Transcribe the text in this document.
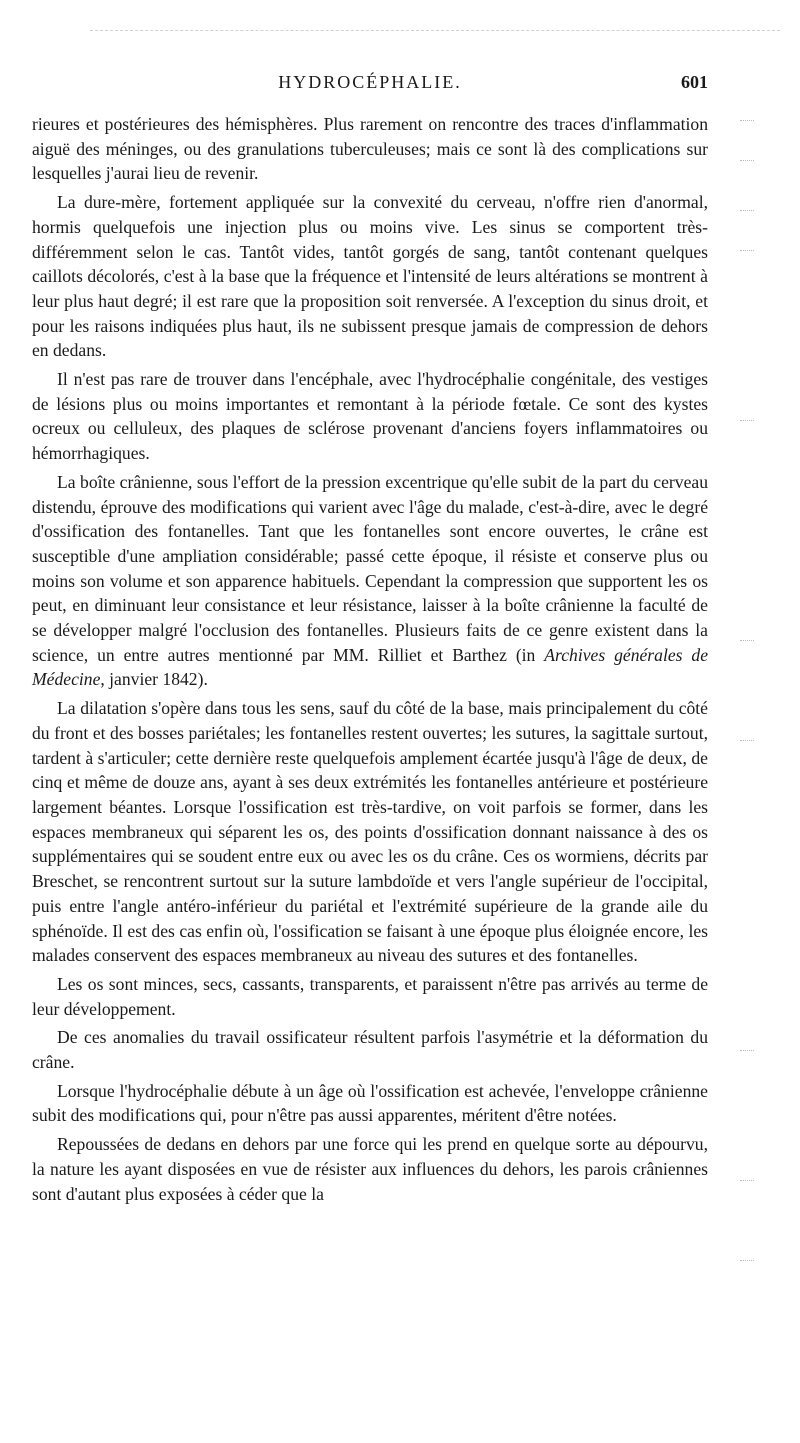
HYDROCÉPHALIE.	601

rieures et postérieures des hémisphères. Plus rarement on rencontre des traces d'inflammation aiguë des méninges, ou des granulations tuberculeuses; mais ce sont là des complications sur lesquelles j'aurai lieu de revenir.

La dure-mère, fortement appliquée sur la convexité du cerveau, n'offre rien d'anormal, hormis quelquefois une injection plus ou moins vive. Les sinus se comportent très-différemment selon le cas. Tantôt vides, tantôt gorgés de sang, tantôt contenant quelques caillots décolorés, c'est à la base que la fréquence et l'intensité de leurs altérations se montrent à leur plus haut degré; il est rare que la proposition soit renversée. A l'exception du sinus droit, et pour les raisons indiquées plus haut, ils ne subissent presque jamais de compression de dehors en dedans.

Il n'est pas rare de trouver dans l'encéphale, avec l'hydrocéphalie congénitale, des vestiges de lésions plus ou moins importantes et remontant à la période fœtale. Ce sont des kystes ocreux ou celluleux, des plaques de sclérose provenant d'anciens foyers inflammatoires ou hémorrhagiques.

La boîte crânienne, sous l'effort de la pression excentrique qu'elle subit de la part du cerveau distendu, éprouve des modifications qui varient avec l'âge du malade, c'est-à-dire, avec le degré d'ossification des fontanelles. Tant que les fontanelles sont encore ouvertes, le crâne est susceptible d'une ampliation considérable; passé cette époque, il résiste et conserve plus ou moins son volume et son apparence habituels. Cependant la compression que supportent les os peut, en diminuant leur consistance et leur résistance, laisser à la boîte crânienne la faculté de se développer malgré l'occlusion des fontanelles. Plusieurs faits de ce genre existent dans la science, un entre autres mentionné par MM. Rilliet et Barthez (in Archives générales de Médecine, janvier 1842).

La dilatation s'opère dans tous les sens, sauf du côté de la base, mais principalement du côté du front et des bosses pariétales; les fontanelles restent ouvertes; les sutures, la sagittale surtout, tardent à s'articuler; cette dernière reste quelquefois amplement écartée jusqu'à l'âge de deux, de cinq et même de douze ans, ayant à ses deux extrémités les fontanelles antérieure et postérieure largement béantes. Lorsque l'ossification est très-tardive, on voit parfois se former, dans les espaces membraneux qui séparent les os, des points d'ossification donnant naissance à des os supplémentaires qui se soudent entre eux ou avec les os du crâne. Ces os wormiens, décrits par Breschet, se rencontrent surtout sur la suture lambdoïde et vers l'angle supérieur de l'occipital, puis entre l'angle antéro-inférieur du pariétal et l'extrémité supérieure de la grande aile du sphénoïde. Il est des cas enfin où, l'ossification se faisant à une époque plus éloignée encore, les malades conservent des espaces membraneux au niveau des sutures et des fontanelles.

Les os sont minces, secs, cassants, transparents, et paraissent n'être pas arrivés au terme de leur développement.

De ces anomalies du travail ossificateur résultent parfois l'asymétrie et la déformation du crâne.

Lorsque l'hydrocéphalie débute à un âge où l'ossification est achevée, l'enveloppe crânienne subit des modifications qui, pour n'être pas aussi apparentes, méritent d'être notées.

Repoussées de dedans en dehors par une force qui les prend en quelque sorte au dépourvu, la nature les ayant disposées en vue de résister aux influences du dehors, les parois crâniennes sont d'autant plus exposées à céder que la
